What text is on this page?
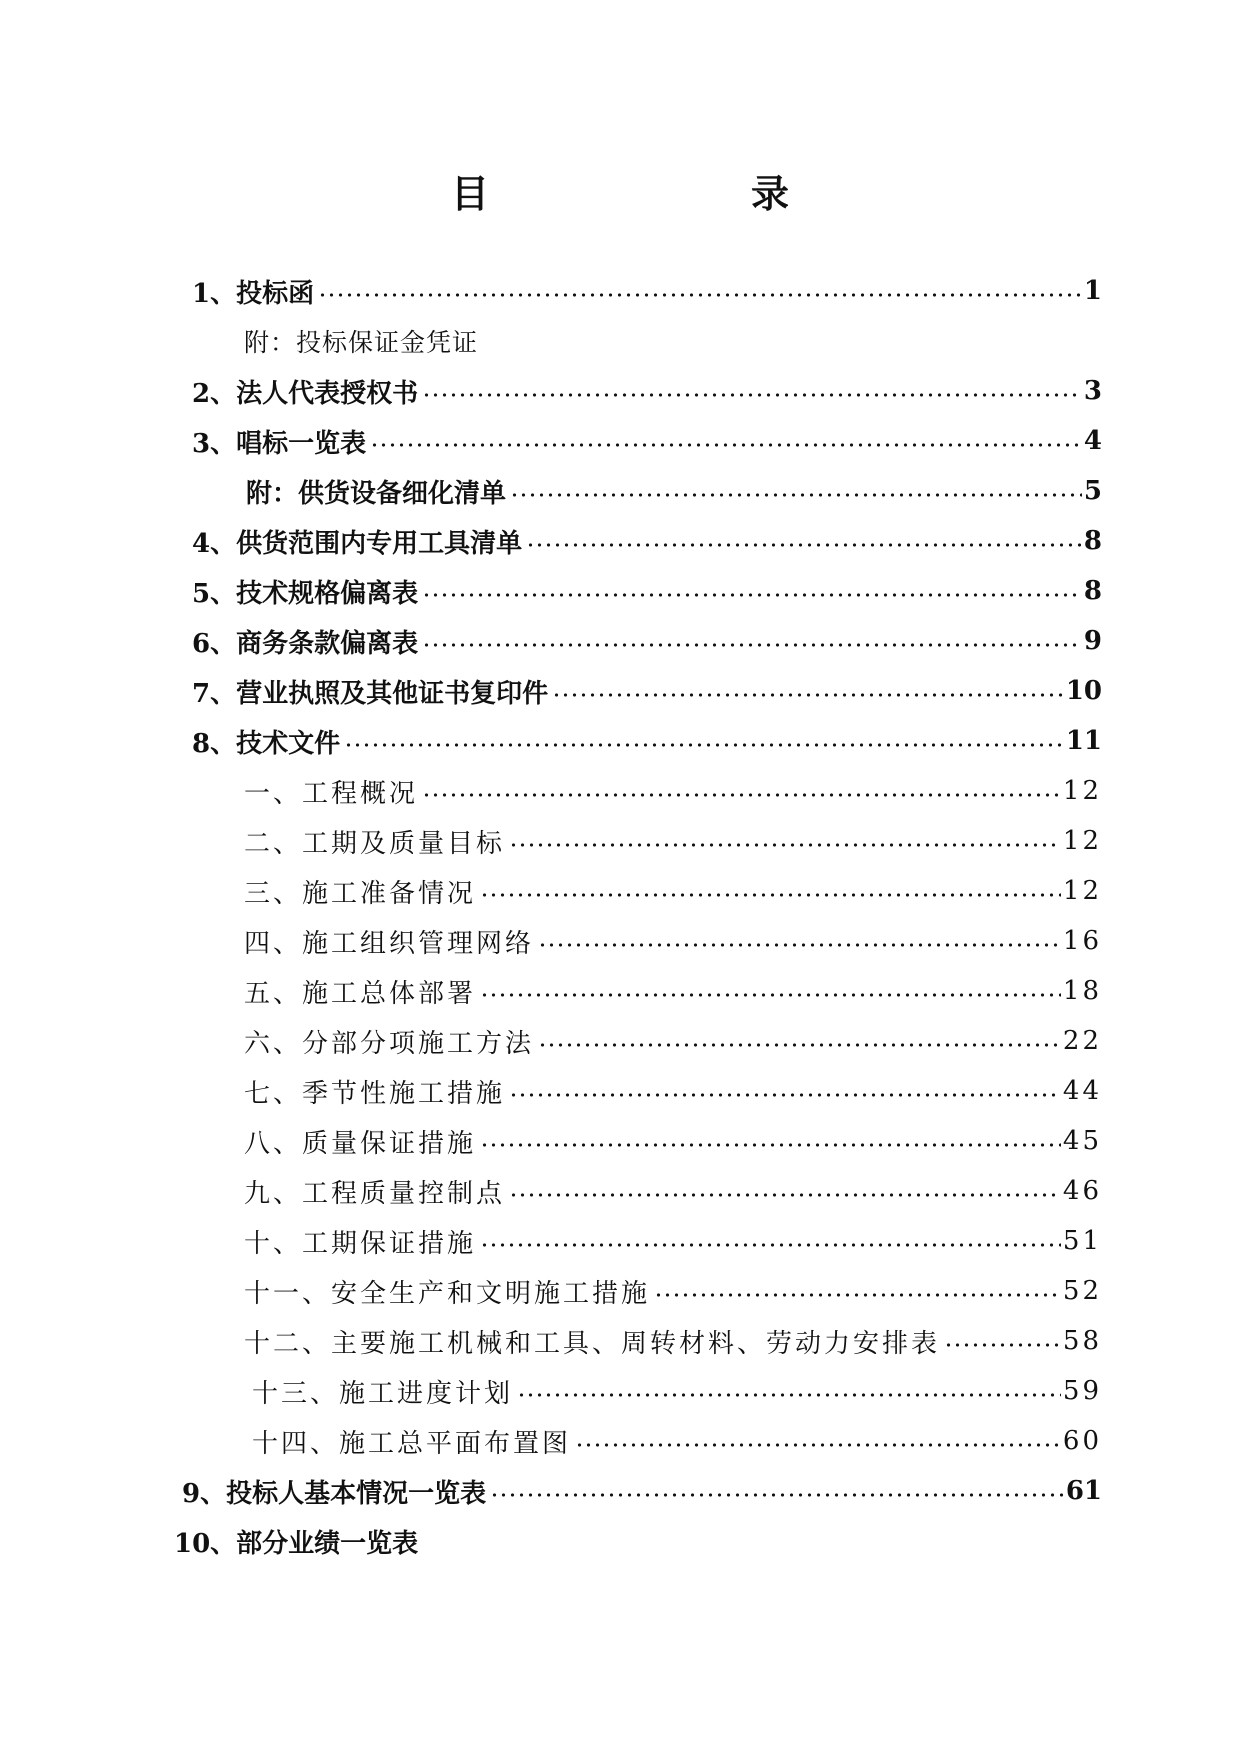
目　　录
1、投标函	1
附：投标保证金凭证
2、法人代表授权书	3
3、唱标一览表	4
附：供货设备细化清单	5
4、供货范围内专用工具清单	8
5、技术规格偏离表	8
6、商务条款偏离表	9
7、营业执照及其他证书复印件	10
8、技术文件	11
一、工程概况	12
二、工期及质量目标	12
三、施工准备情况	12
四、施工组织管理网络	16
五、施工总体部署	18
六、分部分项施工方法	22
七、季节性施工措施	44
八、质量保证措施	45
九、工程质量控制点	46
十、工期保证措施	51
十一、安全生产和文明施工措施	52
十二、主要施工机械和工具、周转材料、劳动力安排表	58
十三、施工进度计划	59
十四、施工总平面布置图	60
9、投标人基本情况一览表	61
10、部分业绩一览表
